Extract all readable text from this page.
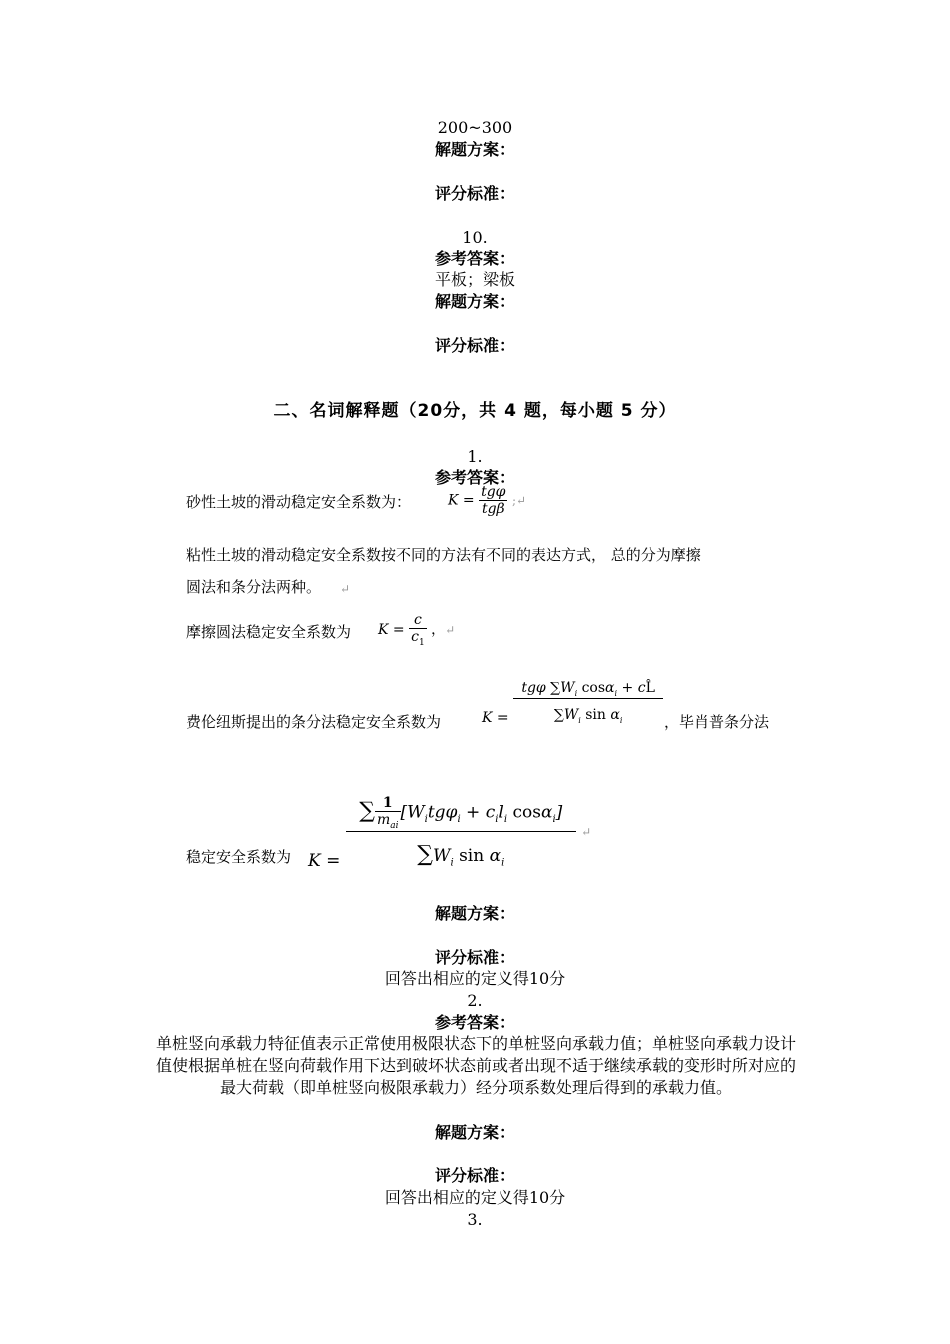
200~300
解题方案：
评分标准：
10.
参考答案：
平板；梁板
解题方案：
评分标准：
二、名词解释题（20分，共 4 题，每小题 5 分）
1.
参考答案：
砂性土坡的滑动稳定安全系数为：	$K = \frac{\text{tgφ}}{\text{tgβ}}$ ;↵
粘性土坡的滑动稳定安全系数按不同的方法有不同的表达方式， 总的分为摩擦
圆法和条分法两种。 ↵
摩擦圆法稳定安全系数为 $K = \frac{c}{c_1}$ ，↵
费伦纽斯提出的条分法稳定安全系数为	$K = \frac{tg\varphi \sum W_i \cos\alpha_i + cL̂}{\sum W_i \sin \alpha_i}$ ，毕肖普条分法
稳定安全系数为 $K = \frac{\sum \frac{1}{m_{ai}} [W_itg\varphi_i + c_il_i \cos\alpha_i]}{\sum W_i \sin \alpha_i}$ ↵
解题方案：
评分标准：
回答出相应的定义得10分
2.
参考答案：
单桩竖向承载力特征值表示正常使用极限状态下的单桩竖向承载力值；单桩竖向承载力设计值使根据单桩在竖向荷载作用下达到破坏状态前或者出现不适于继续承载的变形时所对应的最大荷载（即单桩竖向极限承载力）经分项系数处理后得到的承载力值。
解题方案：
评分标准：
回答出相应的定义得10分
3.
